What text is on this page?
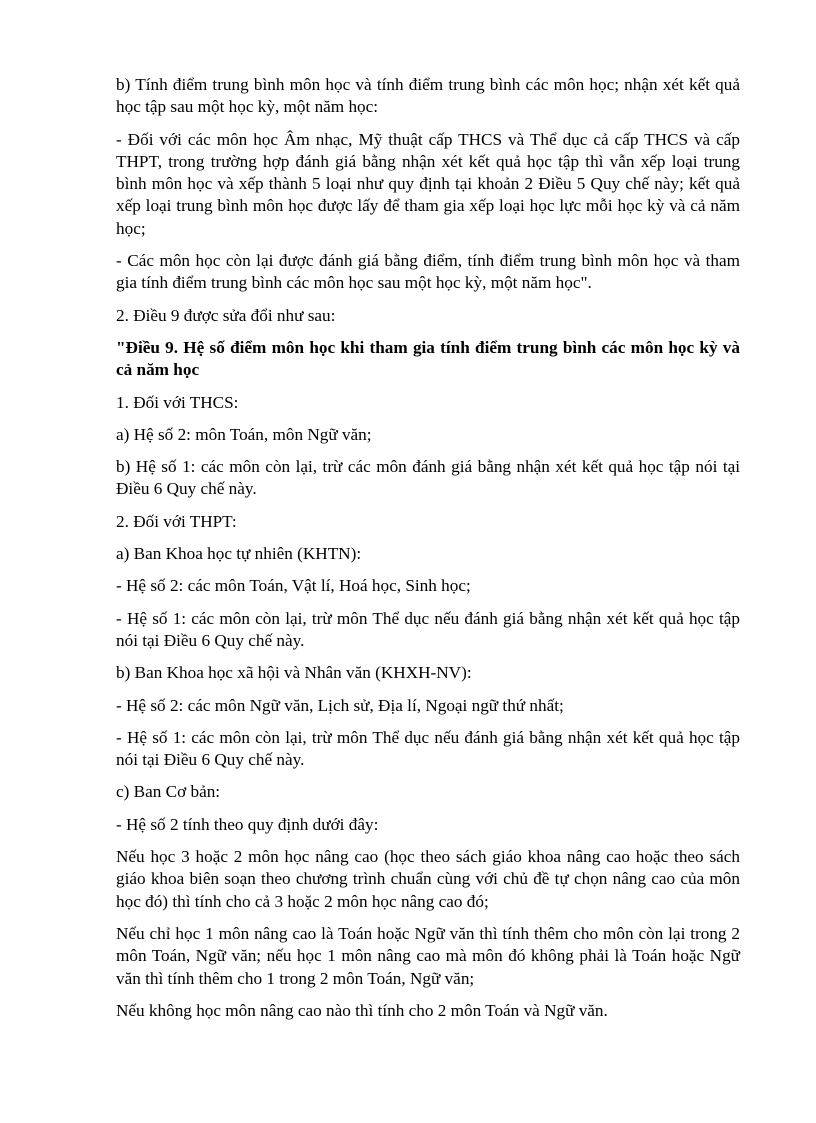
b) Tính điểm trung bình môn học và tính điểm trung bình các môn học; nhận xét kết quả học tập sau một học kỳ, một năm học:

- Đối với các môn học Âm nhạc, Mỹ thuật cấp THCS và Thể dục cả cấp THCS và cấp THPT, trong trường hợp đánh giá bằng nhận xét kết quả học tập thì vẫn xếp loại trung bình môn học và xếp thành 5 loại như quy định tại khoản 2 Điều 5 Quy chế này; kết quả xếp loại trung bình môn học được lấy để tham gia xếp loại học lực mỗi học kỳ và cả năm học;

- Các môn học còn lại được đánh giá bằng điểm, tính điểm trung bình môn học và tham gia tính điểm trung bình các môn học sau một học kỳ, một năm học".

2. Điều 9 được sửa đổi như sau:

"Điều 9. Hệ số điểm môn học khi tham gia tính điểm trung bình các môn học kỳ và cả năm học

1. Đối với THCS:

a) Hệ số 2: môn Toán, môn Ngữ văn;

b) Hệ số 1: các môn còn lại, trừ các môn đánh giá bằng nhận xét kết quả học tập nói tại Điều 6 Quy chế này.

2. Đối với THPT:

a) Ban Khoa học tự nhiên (KHTN):

- Hệ số 2: các môn Toán, Vật lí, Hoá học, Sinh học;

- Hệ số 1: các môn còn lại, trừ môn Thể dục nếu đánh giá bằng nhận xét kết quả học tập nói tại Điều 6 Quy chế này.

b) Ban Khoa học xã hội và Nhân văn (KHXH-NV):

- Hệ số 2: các môn Ngữ văn, Lịch sử, Địa lí, Ngoại ngữ thứ nhất;

- Hệ số 1: các môn còn lại, trừ môn Thể dục nếu đánh giá bằng nhận xét kết quả học tập nói tại Điều 6 Quy chế này.

c) Ban Cơ bản:

- Hệ số 2 tính theo quy định dưới đây:

Nếu học 3 hoặc 2 môn học nâng cao (học theo sách giáo khoa nâng cao hoặc theo sách giáo khoa biên soạn theo chương trình chuẩn cùng với chủ đề tự chọn nâng cao của môn học đó) thì tính cho cả 3 hoặc 2 môn học nâng cao đó;

Nếu chỉ học 1 môn nâng cao là Toán hoặc Ngữ văn thì tính thêm cho môn còn lại trong 2 môn Toán, Ngữ văn; nếu học 1 môn nâng cao mà môn đó không phải là Toán hoặc Ngữ văn thì tính thêm cho 1 trong 2 môn Toán, Ngữ văn;

Nếu không học môn nâng cao nào thì tính cho 2 môn Toán và Ngữ văn.
